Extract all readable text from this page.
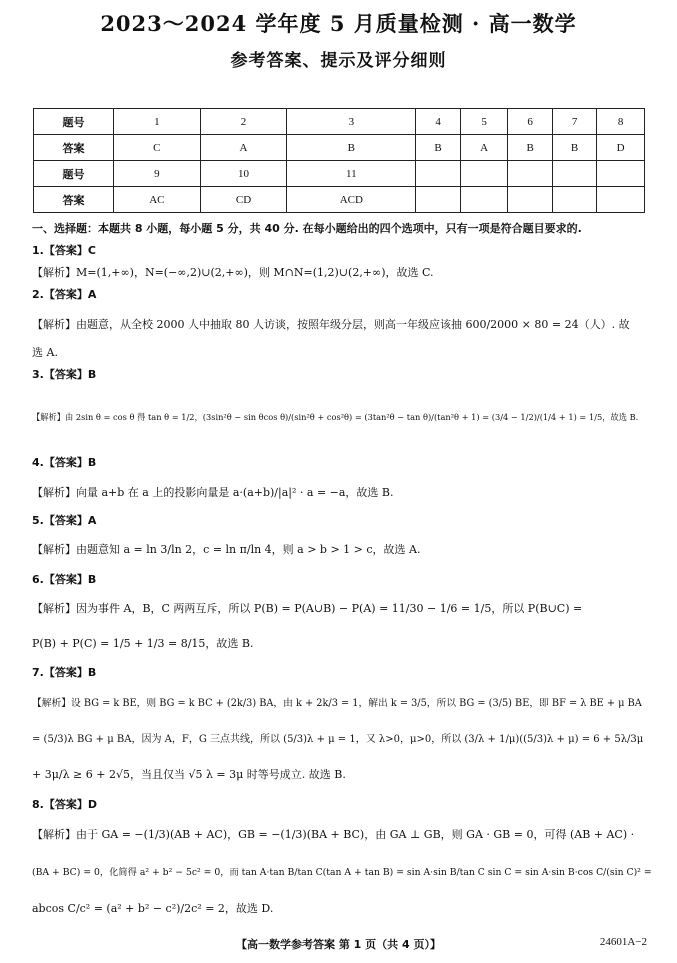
2023～2024 学年度 5 月质量检测 · 高一数学
参考答案、提示及评分细则
题号	1	2	3	4	5	6	7	8
答案	C	A	B	B	A	B	B	D
题号	9	10	11					
答案	AC	CD	ACD					
一、选择题：本题共 8 小题，每小题 5 分，共 40 分. 在每小题给出的四个选项中，只有一项是符合题目要求的.
1.【答案】C
【解析】M=(1,+∞)，N=(−∞,2)∪(2,+∞)，则 M∩N=(1,2)∪(2,+∞)，故选 C.
2.【答案】A
【解析】由题意，从全校 2000 人中抽取 80 人访谈，按照年级分层，则高一年级应该抽 600/2000 × 80 = 24（人）. 故
选 A.
3.【答案】B
【解析】由 2sin θ = cos θ 得 tan θ = 1/2，(3sin²θ − sin θcos θ)/(sin²θ + cos²θ) = (3tan²θ − tan θ)/(tan²θ + 1) = (3/4 − 1/2)/(1/4 + 1) = 1/5，故选 B.
4.【答案】B
【解析】向量 a+b 在 a 上的投影向量是 a·(a+b)/|a|² · a = −a，故选 B.
5.【答案】A
【解析】由题意知 a = ln 3/ln 2，c = ln π/ln 4，则 a > b > 1 > c，故选 A.
6.【答案】B
【解析】因为事件 A，B，C 两两互斥，所以 P(B) = P(A∪B) − P(A) = 11/30 − 1/6 = 1/5，所以 P(B∪C) =
P(B) + P(C) = 1/5 + 1/3 = 8/15，故选 B.
7.【答案】B
【解析】设 BG = k BE，则 BG = k BC + (2k/3) BA，由 k + 2k/3 = 1，解出 k = 3/5，所以 BG = (3/5) BE，即 BF = λ BE + μ BA
= (5/3)λ BG + μ BA，因为 A，F，G 三点共线，所以 (5/3)λ + μ = 1，又 λ>0，μ>0，所以 (3/λ + 1/μ)((5/3)λ + μ) = 6 + 5λ/3μ
+ 3μ/λ ≥ 6 + 2√5，当且仅当 √5 λ = 3μ 时等号成立. 故选 B.
8.【答案】D
【解析】由于 GA = −(1/3)(AB + AC)，GB = −(1/3)(BA + BC)，由 GA ⊥ GB，则 GA · GB = 0，可得 (AB + AC) ·
(BA + BC) = 0，化简得 a² + b² − 5c² = 0，而 tan A·tan B/tan C(tan A + tan B) = sin A·sin B/tan C sin C = sin A·sin B·cos C/(sin C)² =
abcos C/c² = (a² + b² − c²)/2c² = 2，故选 D.
【高一数学参考答案 第 1 页（共 4 页）】	24601A−2
